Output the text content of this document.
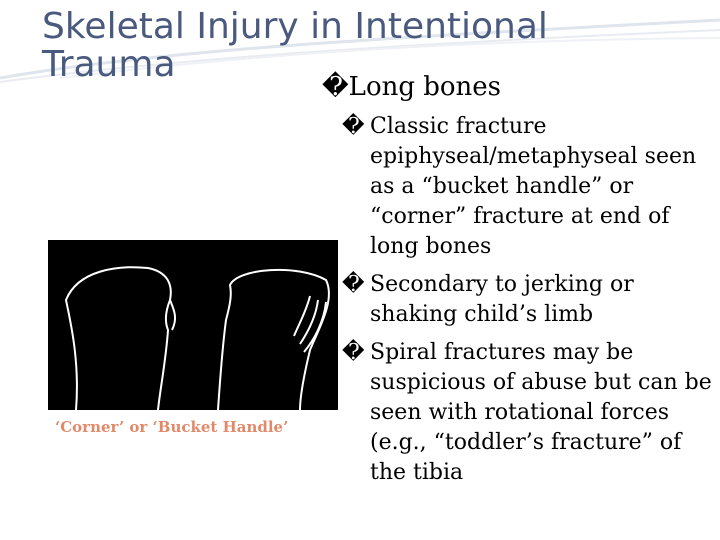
Skeletal Injury in Intentional
Trauma
�Long bones
� Classic fracture epiphyseal/metaphyseal seen as a “bucket handle” or “corner” fracture at end of long bones
� Secondary to jerking or shaking child’s limb
� Spiral fractures may be suspicious of abuse but can be seen with rotational forces (e.g., “toddler’s fracture” of the tibia
‘Corner’ or ‘Bucket Handle’
